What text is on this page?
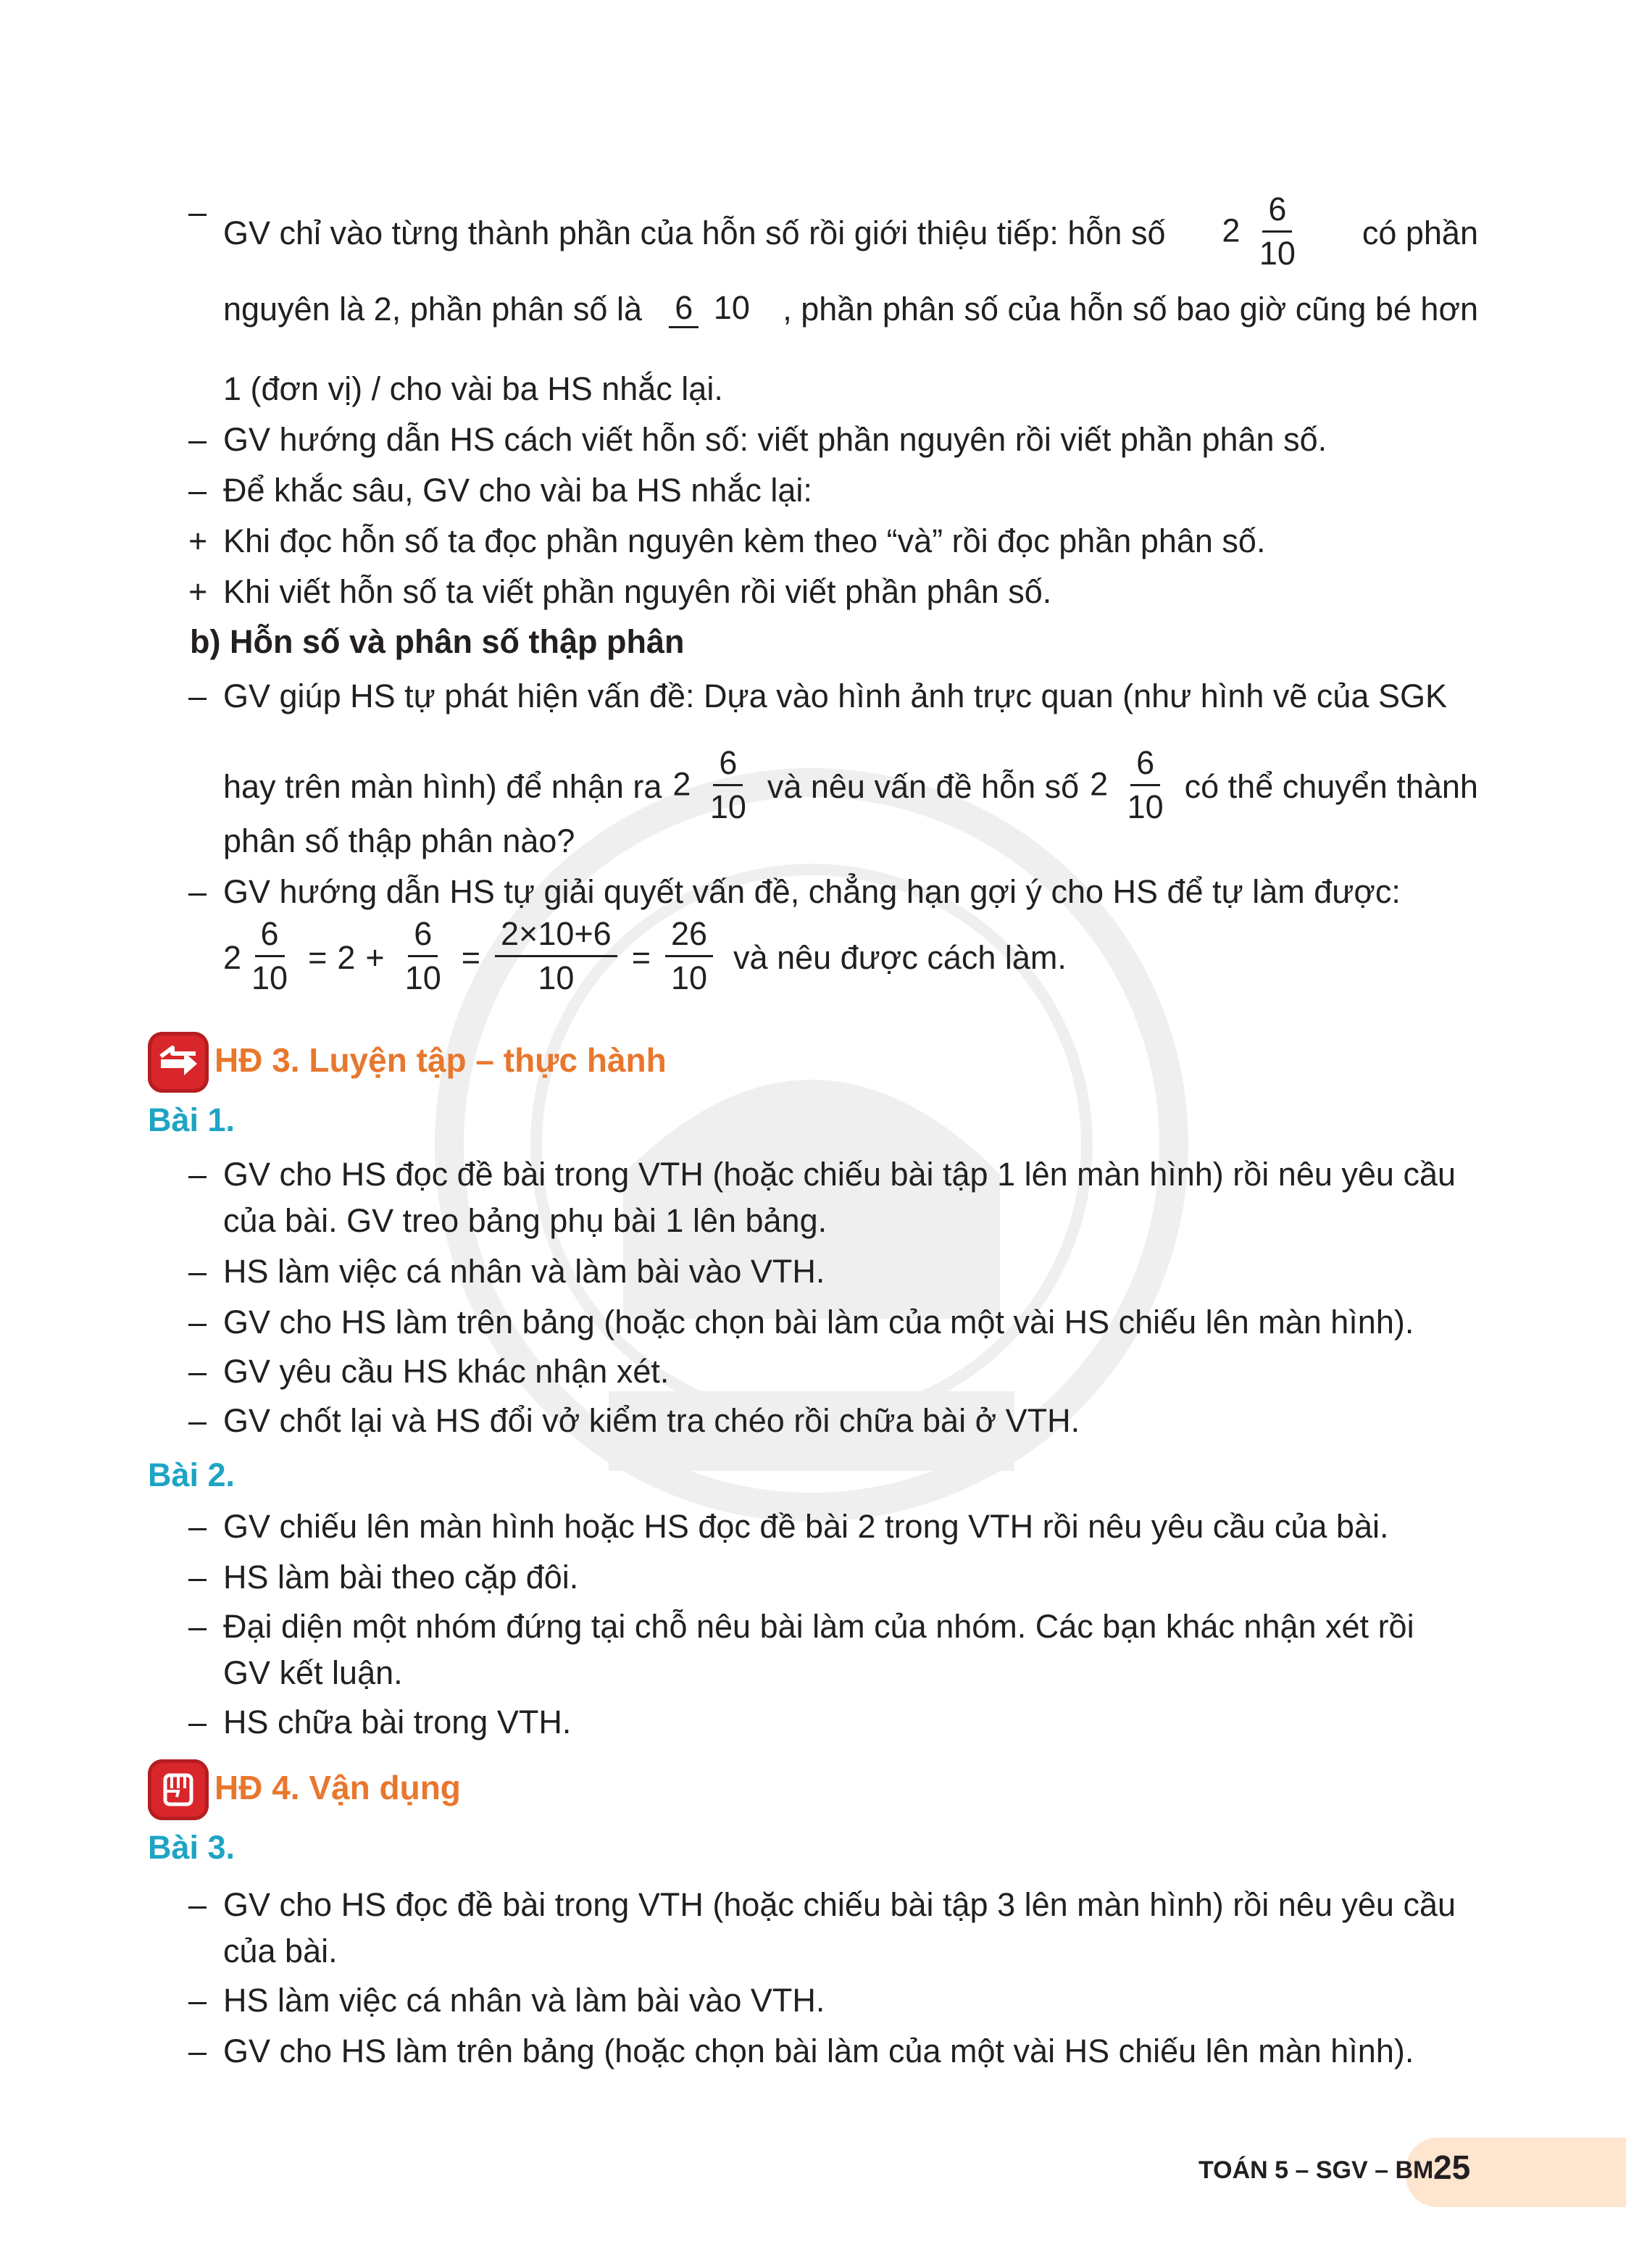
–
GV chỉ vào từng thành phần của hỗn số rồi giới thiệu tiếp: hỗn số $2 \frac{6}{10}$ có phần
nguyên là 2, phần phân số là 6 10 , phần phân số của hỗn số bao giờ cũng bé hơn
1 (đơn vị) / cho vài ba HS nhắc lại.
– GV hướng dẫn HS cách viết hỗn số: viết phần nguyên rồi viết phần phân số.
– Để khắc sâu, GV cho vài ba HS nhắc lại:
+ Khi đọc hỗn số ta đọc phần nguyên kèm theo “và” rồi đọc phần phân số.
+ Khi viết hỗn số ta viết phần nguyên rồi viết phần phân số.
b) Hỗn số và phân số thập phân
– GV giúp HS tự phát hiện vấn đề: Dựa vào hình ảnh trực quan (như hình vẽ của SGK
hay trên màn hình) để nhận ra $2 \frac{6}{10}$ và nêu vấn đề hỗn số $2 \frac{6}{10}$ có thể chuyển thành
phân số thập phân nào?
– GV hướng dẫn HS tự giải quyết vấn đề, chẳng hạn gợi ý cho HS để tự làm được:
$2 \frac{6}{10} = 2 + \frac{6}{10} = \frac{2\times 10+6}{10} = \frac{26}{10}$ và nêu được cách làm.
HĐ 3. Luyện tập – thực hành
Bài 1.
– GV cho HS đọc đề bài trong VTH (hoặc chiếu bài tập 1 lên màn hình) rồi nêu yêu cầu
của bài. GV treo bảng phụ bài 1 lên bảng.
– HS làm việc cá nhân và làm bài vào VTH.
– GV cho HS làm trên bảng (hoặc chọn bài làm của một vài HS chiếu lên màn hình).
– GV yêu cầu HS khác nhận xét.
– GV chốt lại và HS đổi vở kiểm tra chéo rồi chữa bài ở VTH.
Bài 2.
– GV chiếu lên màn hình hoặc HS đọc đề bài 2 trong VTH rồi nêu yêu cầu của bài.
– HS làm bài theo cặp đôi.
– Đại diện một nhóm đứng tại chỗ nêu bài làm của nhóm. Các bạn khác nhận xét rồi
GV kết luận.
– HS chữa bài trong VTH.
HĐ 4. Vận dụng
Bài 3.
– GV cho HS đọc đề bài trong VTH (hoặc chiếu bài tập 3 lên màn hình) rồi nêu yêu cầu
của bài.
– HS làm việc cá nhân và làm bài vào VTH.
– GV cho HS làm trên bảng (hoặc chọn bài làm của một vài HS chiếu lên màn hình).
TOÁN 5 – SGV – BM 25
